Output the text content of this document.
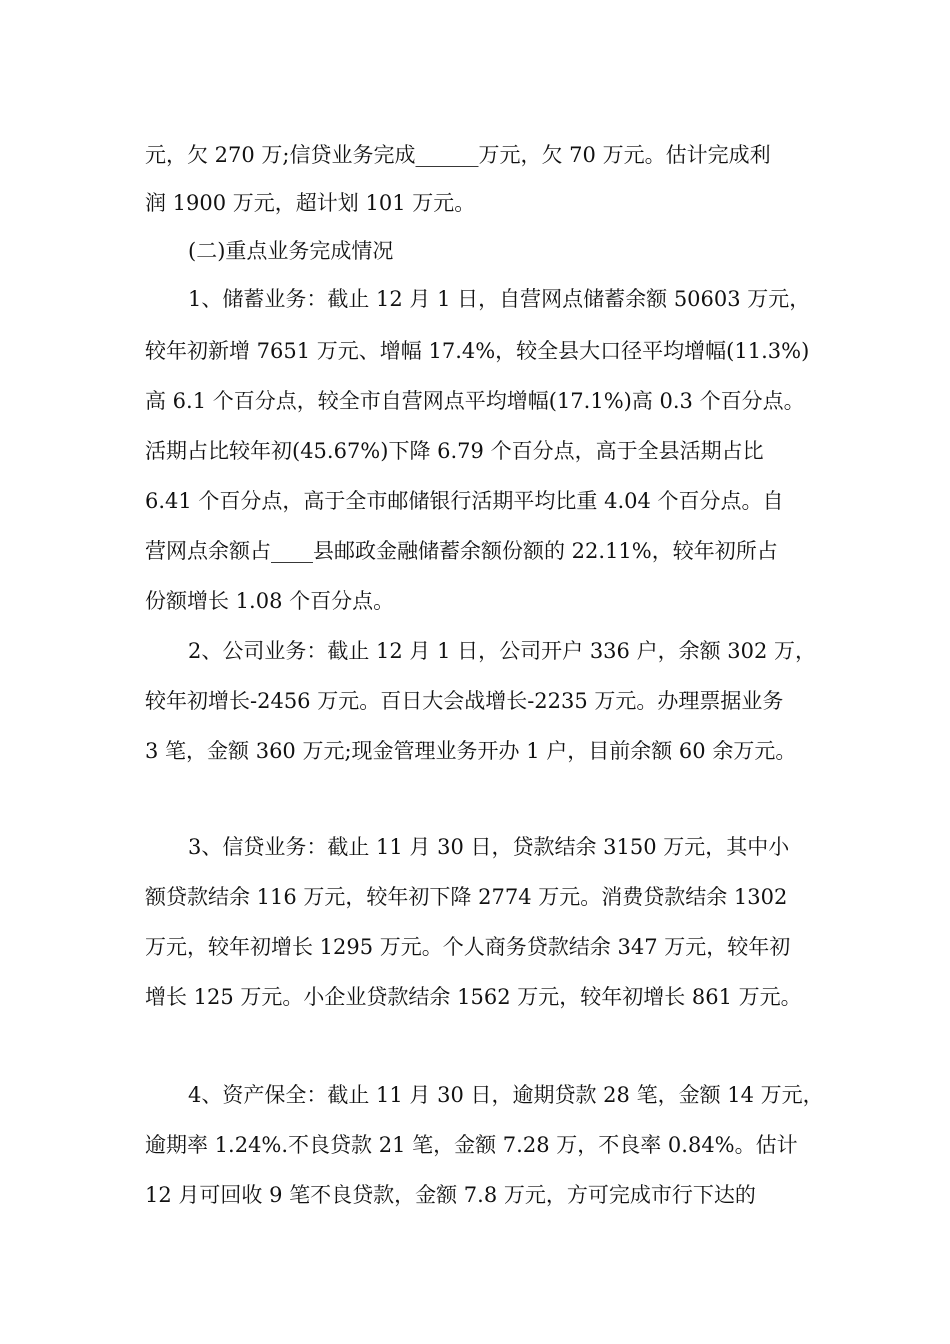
元，欠 270 万;信贷业务完成______万元，欠 70 万元。估计完成利
润 1900 万元，超计划 101 万元。
(二)重点业务完成情况
1、储蓄业务：截止 12 月 1 日，自营网点储蓄余额 50603 万元，
较年初新增 7651 万元、增幅 17.4%，较全县大口径平均增幅(11.3%)
高 6.1 个百分点，较全市自营网点平均增幅(17.1%)高 0.3 个百分点。
活期占比较年初(45.67%)下降 6.79 个百分点，高于全县活期占比
6.41 个百分点，高于全市邮储银行活期平均比重 4.04 个百分点。自
营网点余额占____县邮政金融储蓄余额份额的 22.11%，较年初所占
份额增长 1.08 个百分点。
2、公司业务：截止 12 月 1 日，公司开户 336 户，余额 302 万，
较年初增长-2456 万元。百日大会战增长-2235 万元。办理票据业务
3 笔，金额 360 万元;现金管理业务开办 1 户，目前余额 60 余万元。
3、信贷业务：截止 11 月 30 日，贷款结余 3150 万元，其中小
额贷款结余 116 万元，较年初下降 2774 万元。消费贷款结余 1302
万元，较年初增长 1295 万元。个人商务贷款结余 347 万元，较年初
增长 125 万元。小企业贷款结余 1562 万元，较年初增长 861 万元。
4、资产保全：截止 11 月 30 日，逾期贷款 28 笔，金额 14 万元，
逾期率 1.24%.不良贷款 21 笔，金额 7.28 万，不良率 0.84%。估计
12 月可回收 9 笔不良贷款，金额 7.8 万元，方可完成市行下达的
